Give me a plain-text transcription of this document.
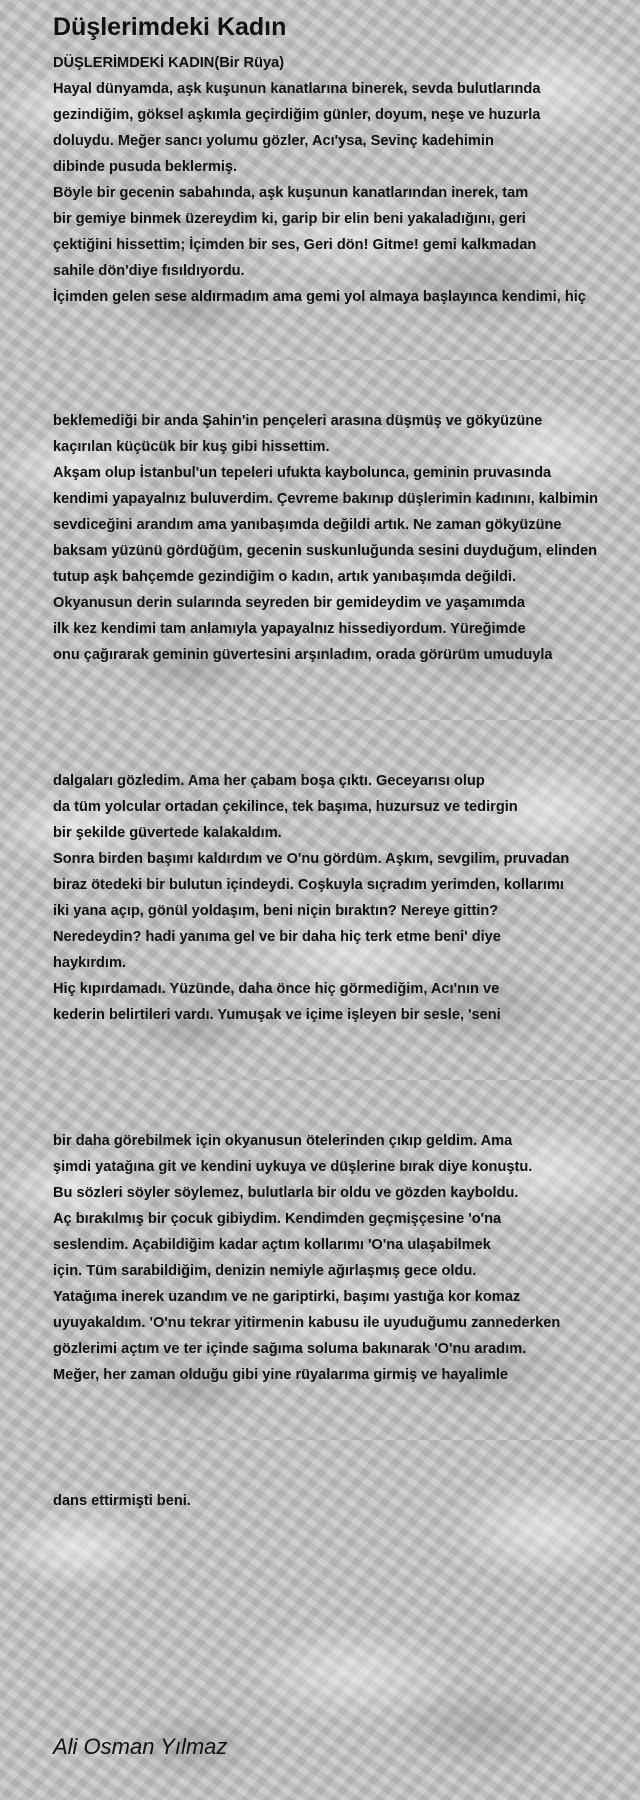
Düşlerimdeki Kadın
DÜŞLERİMDEKİ KADIN(Bir Rüya)
Hayal dünyamda, aşk kuşunun kanatlarına binerek, sevda bulutlarında
gezindiğim, göksel aşkımla geçirdiğim günler, doyum, neşe ve huzurla
doluydu. Meğer sancı yolumu gözler, Acı'ysa, Sevinç kadehimin
dibinde pusuda beklermiş.
Böyle bir gecenin sabahında, aşk kuşunun kanatlarından inerek, tam
bir gemiye binmek üzereydim ki, garip bir elin beni yakaladığını, geri
çektiğini hissettim; İçimden bir ses, Geri dön! Gitme! gemi kalkmadan
sahile dön'diye fısıldıyordu.
İçimden gelen sese aldırmadım ama gemi yol almaya başlayınca kendimi, hiç
beklemediği bir anda Şahin'in pençeleri arasına düşmüş ve gökyüzüne
kaçırılan küçücük bir kuş gibi hissettim.
Akşam olup İstanbul'un tepeleri ufukta kaybolunca, geminin pruvasında
kendimi yapayalnız buluverdim. Çevreme bakınıp düşlerimin kadınını, kalbimin
sevdiceğini arandım ama yanıbaşımda değildi artık. Ne zaman gökyüzüne
baksam yüzünü gördüğüm, gecenin suskunluğunda sesini duyduğum, elinden
tutup aşk bahçemde gezindiğim o kadın, artık yanıbaşımda değildi.
Okyanusun derin sularında seyreden bir gemideydim ve yaşamımda
ilk kez kendimi tam anlamıyla yapayalnız hissediyordum. Yüreğimde
onu çağırarak geminin güvertesini arşınladım, orada görürüm umuduyla
dalgaları gözledim. Ama her çabam boşa çıktı. Geceyarısı olup
da tüm yolcular ortadan çekilince, tek başıma, huzursuz ve tedirgin
bir şekilde güvertede kalakaldım.
Sonra birden başımı kaldırdım ve O'nu gördüm. Aşkım, sevgilim, pruvadan
biraz ötedeki bir bulutun içindeydi. Coşkuyla sıçradım yerimden, kollarımı
iki yana açıp, gönül yoldaşım, beni niçin bıraktın? Nereye gittin?
Neredeydin? hadi yanıma gel ve bir daha hiç terk etme beni' diye
haykırdım.
Hiç kıpırdamadı. Yüzünde, daha önce hiç görmediğim, Acı'nın ve
kederin belirtileri vardı. Yumuşak ve içime işleyen bir sesle, 'seni
bir daha görebilmek için okyanusun ötelerinden çıkıp geldim. Ama
şimdi yatağına git ve kendini uykuya ve düşlerine bırak diye konuştu.
Bu sözleri söyler söylemez, bulutlarla bir oldu ve gözden kayboldu.
Aç bırakılmış bir çocuk gibiydim. Kendimden geçmişçesine 'o'na
seslendim. Açabildiğim kadar açtım kollarımı 'O'na ulaşabilmek
için. Tüm sarabildiğim, denizin nemiyle ağırlaşmış gece oldu.
Yatağıma inerek uzandım ve ne gariptirki, başımı yastığa kor komaz
uyuyakaldım. 'O'nu tekrar yitirmenin kabusu ile uyuduğumu zannederken
gözlerimi açtım ve ter içinde sağıma soluma bakınarak 'O'nu aradım.
Meğer, her zaman olduğu gibi yine rüyalarıma girmiş ve hayalimle
dans ettirmişti beni.
Ali Osman Yılmaz
